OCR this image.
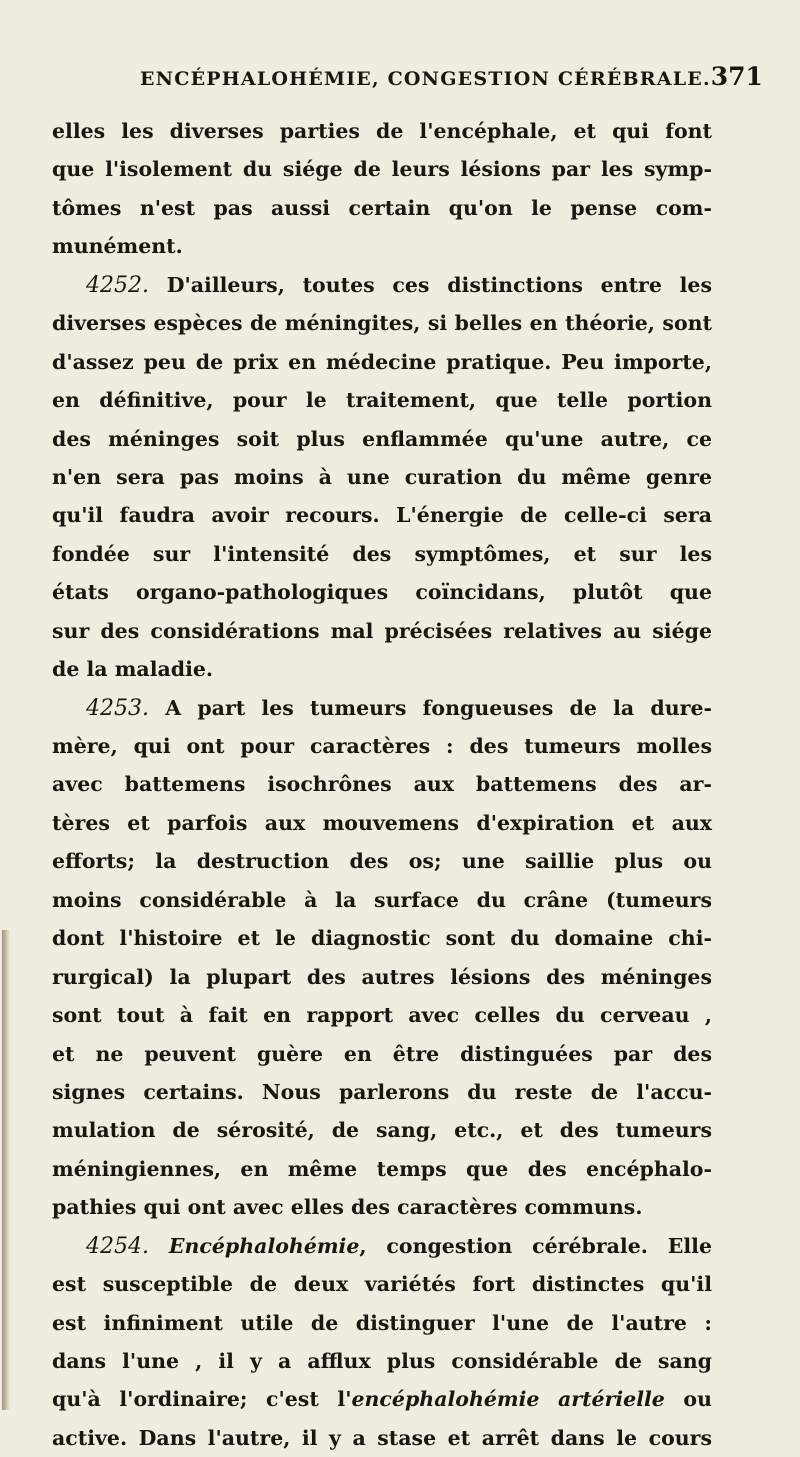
ENCÉPHALOHÉMIE, CONGESTION CÉRÉBRALE. 371
elles les diverses parties de l'encéphale, et qui font
que l'isolement du siége de leurs lésions par les symp-
tômes n'est pas aussi certain qu'on le pense com-
munément.
4252. D'ailleurs, toutes ces distinctions entre les
diverses espèces de méningites, si belles en théorie, sont
d'assez peu de prix en médecine pratique. Peu importe,
en définitive, pour le traitement, que telle portion
des méninges soit plus enflammée qu'une autre, ce
n'en sera pas moins à une curation du même genre
qu'il faudra avoir recours. L'énergie de celle-ci sera
fondée sur l'intensité des symptômes, et sur les
états organo-pathologiques coïncidans, plutôt que
sur des considérations mal précisées relatives au siége
de la maladie.
4253. A part les tumeurs fongueuses de la dure-
mère, qui ont pour caractères : des tumeurs molles
avec battemens isochrônes aux battemens des ar-
tères et parfois aux mouvemens d'expiration et aux
efforts; la destruction des os; une saillie plus ou
moins considérable à la surface du crâne (tumeurs
dont l'histoire et le diagnostic sont du domaine chi-
rurgical) la plupart des autres lésions des méninges
sont tout à fait en rapport avec celles du cerveau ,
et ne peuvent guère en être distinguées par des
signes certains. Nous parlerons du reste de l'accu-
mulation de sérosité, de sang, etc., et des tumeurs
méningiennes, en même temps que des encéphalo-
pathies qui ont avec elles des caractères communs.
4254. Encéphalohémie, congestion cérébrale. Elle
est susceptible de deux variétés fort distinctes qu'il
est infiniment utile de distinguer l'une de l'autre :
dans l'une , il y a afflux plus considérable de sang
qu'à l'ordinaire; c'est l'encéphalohémie artérielle ou
active. Dans l'autre, il y a stase et arrêt dans le cours
